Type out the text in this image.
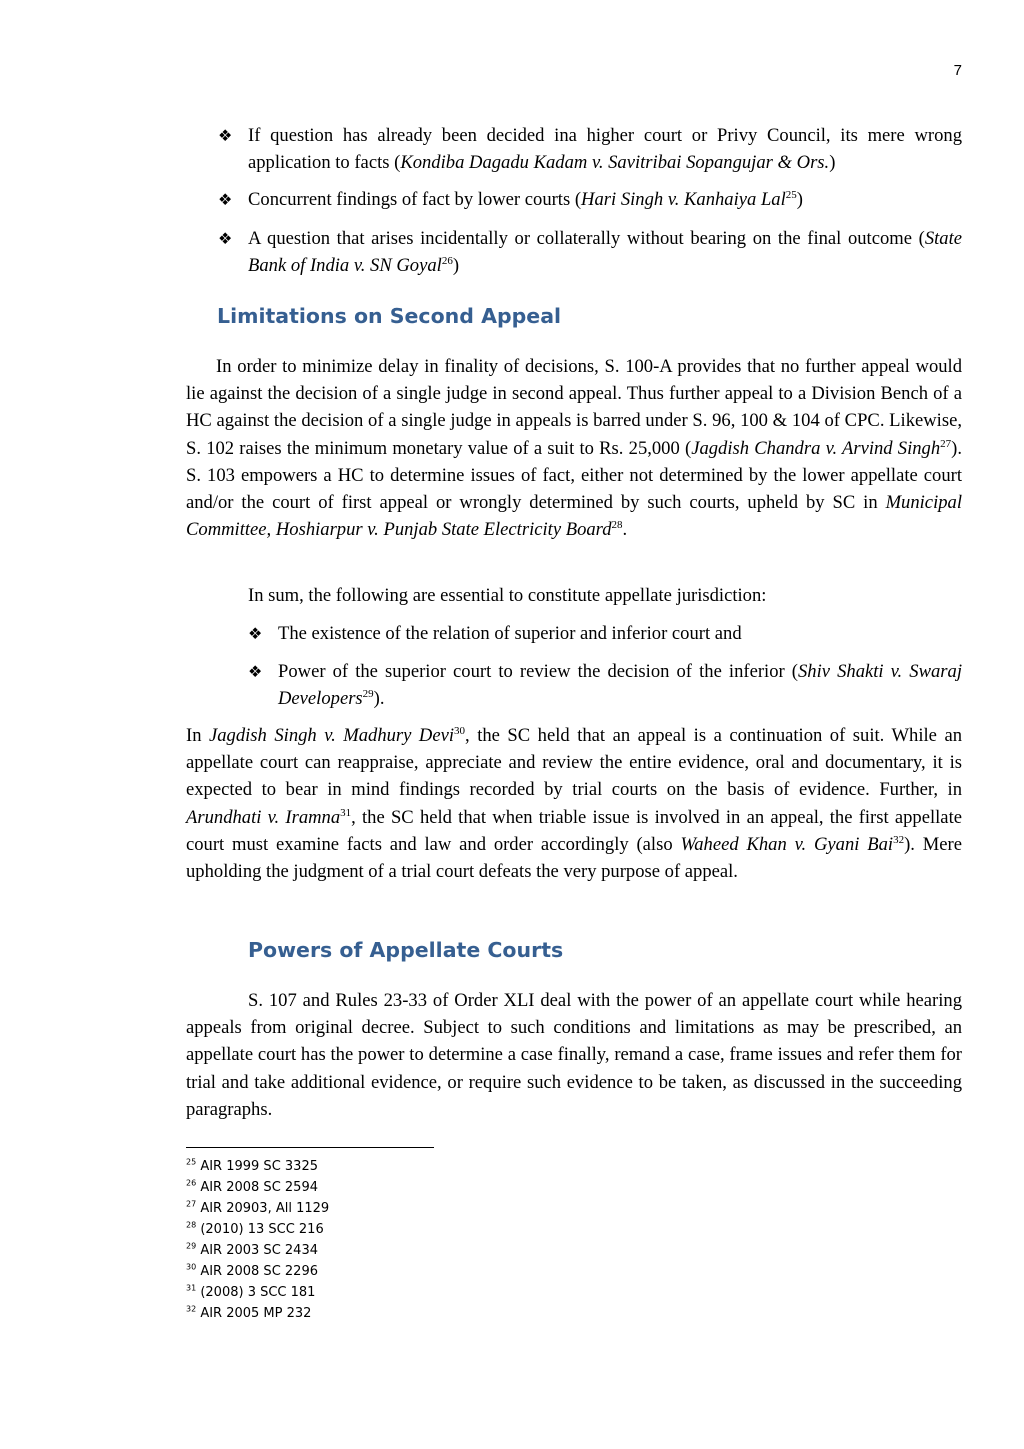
7
❖ If question has already been decided ina higher court or Privy Council, its mere wrong application to facts (Kondiba Dagadu Kadam v. Savitribai Sopangujar & Ors.)
❖ Concurrent findings of fact by lower courts (Hari Singh v. Kanhaiya Lal$^{25}$)
❖ A question that arises incidentally or collaterally without bearing on the final outcome (State Bank of India v. SN Goyal$^{26}$)
Limitations on Second Appeal

In order to minimize delay in finality of decisions, S. 100-A provides that no further appeal would lie against the decision of a single judge in second appeal. Thus further appeal to a Division Bench of a HC against the decision of a single judge in appeals is barred under S. 96, 100 & 104 of CPC. Likewise, S. 102 raises the minimum monetary value of a suit to Rs. 25,000 (Jagdish Chandra v. Arvind Singh$^{27}$). S. 103 empowers a HC to determine issues of fact, either not determined by the lower appellate court and/or the court of first appeal or wrongly determined by such courts, upheld by SC in Municipal Committee, Hoshiarpur v. Punjab State Electricity Board$^{28}$.

In sum, the following are essential to constitute appellate jurisdiction:

❖ The existence of the relation of superior and inferior court and
❖ Power of the superior court to review the decision of the inferior (Shiv Shakti v. Swaraj Developers$^{29}$).

In Jagdish Singh v. Madhury Devi$^{30}$, the SC held that an appeal is a continuation of suit. While an appellate court can reappraise, appreciate and review the entire evidence, oral and documentary, it is expected to bear in mind findings recorded by trial courts on the basis of evidence. Further, in Arundhati v. Iramna$^{31}$, the SC held that when triable issue is involved in an appeal, the first appellate court must examine facts and law and order accordingly (also Waheed Khan v. Gyani Bai$^{32}$). Mere upholding the judgment of a trial court defeats the very purpose of appeal.

Powers of Appellate Courts

S. 107 and Rules 23-33 of Order XLI deal with the power of an appellate court while hearing appeals from original decree. Subject to such conditions and limitations as may be prescribed, an appellate court has the power to determine a case finally, remand a case, frame issues and refer them for trial and take additional evidence, or require such evidence to be taken, as discussed in the succeeding paragraphs.

$^{25}$ AIR 1999 SC 3325
$^{26}$ AIR 2008 SC 2594
$^{27}$ AIR 20903, All 1129
$^{28}$ (2010) 13 SCC 216
$^{29}$ AIR 2003 SC 2434
$^{30}$ AIR 2008 SC 2296
$^{31}$ (2008) 3 SCC 181
$^{32}$ AIR 2005 MP 232
